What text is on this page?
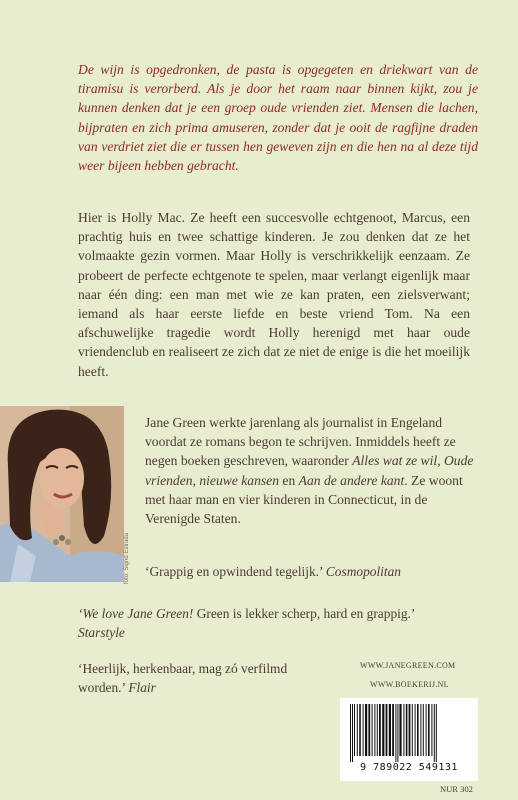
De wijn is opgedronken, de pasta is opgegeten en driekwart van de tiramisu is verorberd. Als je door het raam naar binnen kijkt, zou je kunnen denken dat je een groep oude vrienden ziet. Mensen die lachen, bijpraten en zich prima amuseren, zonder dat je ooit de ragfijne draden van verdriet ziet die er tussen hen geweven zijn en die hen na al deze tijd weer bijeen hebben gebracht.

Hier is Holly Mac. Ze heeft een succesvolle echtgenoot, Marcus, een prachtig huis en twee schattige kinderen. Je zou denken dat ze het volmaakte gezin vormen. Maar Holly is verschrikkelijk eenzaam. Ze probeert de perfecte echtgenote te spelen, maar verlangt eigenlijk maar naar één ding: een man met wie ze kan praten, een zielsverwant; iemand als haar eerste liefde en beste vriend Tom. Na een afschuwelijke tragedie wordt Holly herenigd met haar oude vriendenclub en realiseert ze zich dat ze niet de enige is die het moeilijk heeft.

foto: Sigrid Estrada

Jane Green werkte jarenlang als journalist in Engeland voordat ze romans begon te schrijven. Inmiddels heeft ze negen boeken geschreven, waaronder Alles wat ze wil, Oude vrienden, nieuwe kansen en Aan de andere kant. Ze woont met haar man en vier kinderen in Connecticut, in de Verenigde Staten.

‘Grappig en opwindend tegelijk.’ Cosmopolitan

‘We love Jane Green! Green is lekker scherp, hard en grappig.’
Starstyle

‘Heerlijk, herkenbaar, mag zó verfilmd worden.’ Flair

WWW.JANEGREEN.COM
WWW.BOEKERIJ.NL
9 789022 549131
NUR 302
